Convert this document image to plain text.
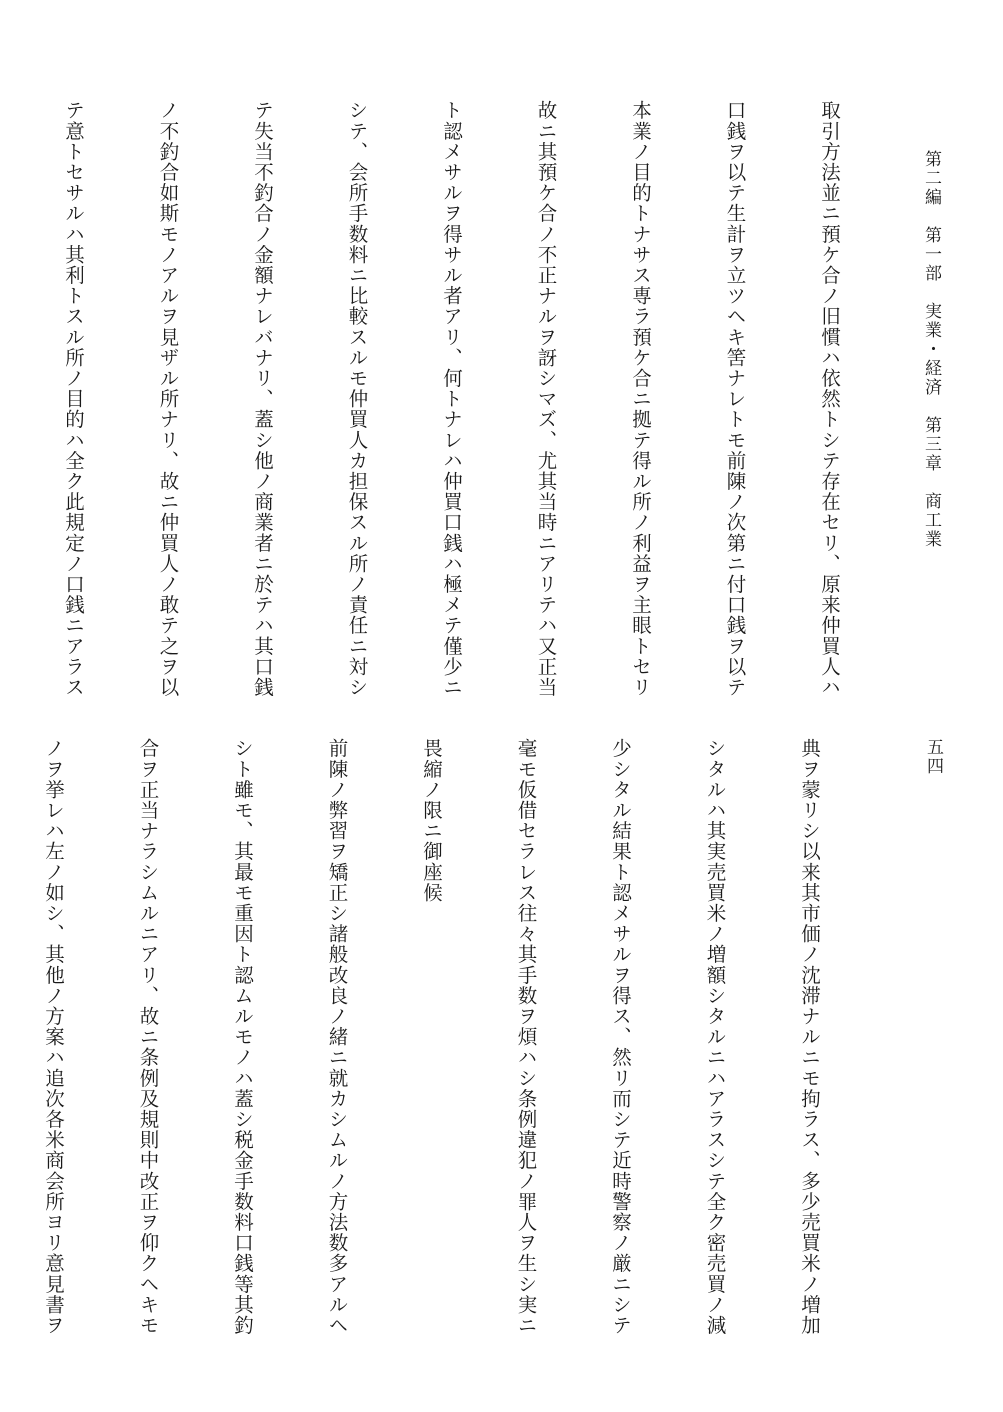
第二編　第一部　実業・経済　第三章　商工業
五四

取引方法並ニ預ケ合ノ旧慣ハ依然トシテ存在セリ、原来仲買人ハ

口銭ヲ以テ生計ヲ立ツヘキ筈ナレトモ前陳ノ次第ニ付口銭ヲ以テ

本業ノ目的トナサス専ラ預ケ合ニ拠テ得ル所ノ利益ヲ主眼トセリ

故ニ其預ケ合ノ不正ナルヲ訝シマズ、尤其当時ニアリテハ又正当

ト認メサルヲ得サル者アリ、何トナレハ仲買口銭ハ極メテ僅少ニ

シテ、会所手数料ニ比較スルモ仲買人カ担保スル所ノ責任ニ対シ

テ失当不釣合ノ金額ナレバナリ、蓋シ他ノ商業者ニ於テハ其口銭

ノ不釣合如斯モノアルヲ見ザル所ナリ、故ニ仲買人ノ敢テ之ヲ以

テ意トセサルハ其利トスル所ノ目的ハ全ク此規定ノ口銭ニアラス

典ヲ蒙リシ以来其市価ノ沈滞ナルニモ拘ラス、多少売買米ノ増加

シタルハ其実売買米ノ増額シタルニハアラスシテ全ク密売買ノ減

少シタル結果ト認メサルヲ得ス、然リ而シテ近時警察ノ厳ニシテ

毫モ仮借セラレス往々其手数ヲ煩ハシ条例違犯ノ罪人ヲ生シ実ニ

畏縮ノ限ニ御座候

前陳ノ弊習ヲ矯正シ諸般改良ノ緒ニ就カシムルノ方法数多アルヘ

シト雖モ、其最モ重因ト認ムルモノハ蓋シ税金手数料口銭等其釣

合ヲ正当ナラシムルニアリ、故ニ条例及規則中改正ヲ仰クヘキモ

ノヲ挙レハ左ノ如シ、其他ノ方案ハ追次各米商会所ヨリ意見書ヲ
